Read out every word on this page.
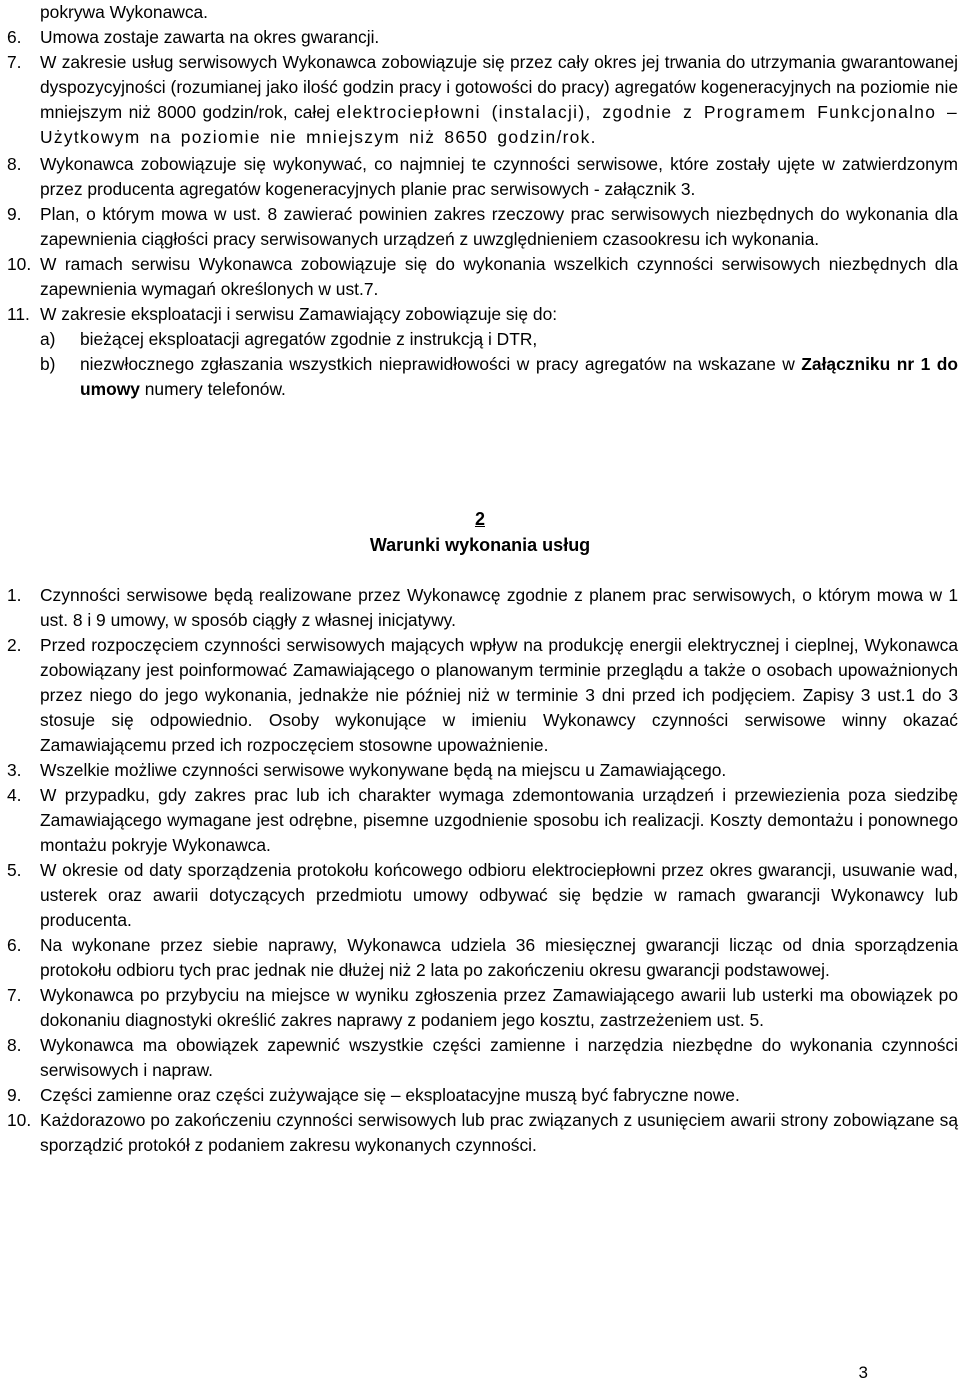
pokrywa Wykonawca.
6. Umowa zostaje zawarta na okres gwarancji.
7. W zakresie usług serwisowych Wykonawca zobowiązuje się przez cały okres jej trwania do utrzymania gwarantowanej dyspozycyjności (rozumianej jako ilość godzin pracy i gotowości do pracy) agregatów kogeneracyjnych na poziomie nie mniejszym niż 8000 godzin/rok, całej elektrociepłowni (instalacji), zgodnie z Programem Funkcjonalno – Użytkowym na poziomie nie mniejszym niż 8650 godzin/rok.
8. Wykonawca zobowiązuje się wykonywać, co najmniej te czynności serwisowe, które zostały ujęte w zatwierdzonym przez producenta agregatów kogeneracyjnych planie prac serwisowych - załącznik 3.
9. Plan, o którym mowa w ust. 8 zawierać powinien zakres rzeczowy prac serwisowych niezbędnych do wykonania dla zapewnienia ciągłości pracy serwisowanych urządzeń z uwzględnieniem czasookresu ich wykonania.
10. W ramach serwisu Wykonawca zobowiązuje się do wykonania wszelkich czynności serwisowych niezbędnych dla zapewnienia wymagań określonych w ust.7.
11. W zakresie eksploatacji i serwisu Zamawiający zobowiązuje się do:
a) bieżącej eksploatacji agregatów zgodnie z instrukcją i DTR,
b) niezwłocznego zgłaszania wszystkich nieprawidłowości w pracy agregatów na wskazane w Załączniku nr 1 do umowy numery telefonów.
2
Warunki wykonania usług
1. Czynności serwisowe będą realizowane przez Wykonawcę zgodnie z planem prac serwisowych, o którym mowa w 1 ust. 8 i 9 umowy, w sposób ciągły z własnej inicjatywy.
2. Przed rozpoczęciem czynności serwisowych mających wpływ na produkcję energii elektrycznej i cieplnej, Wykonawca zobowiązany jest poinformować Zamawiającego o planowanym terminie przeglądu a także o osobach upoważnionych przez niego do jego wykonania, jednakże nie później niż w terminie 3 dni przed ich podjęciem. Zapisy 3 ust.1 do 3 stosuje się odpowiednio. Osoby wykonujące w imieniu Wykonawcy czynności serwisowe winny okazać Zamawiającemu przed ich rozpoczęciem stosowne upoważnienie.
3. Wszelkie możliwe czynności serwisowe wykonywane będą na miejscu u Zamawiającego.
4. W przypadku, gdy zakres prac lub ich charakter wymaga zdemontowania urządzeń i przewiezienia poza siedzibę Zamawiającego wymagane jest odrębne, pisemne uzgodnienie sposobu ich realizacji. Koszty demontażu i ponownego montażu pokryje Wykonawca.
5. W okresie od daty sporządzenia protokołu końcowego odbioru elektrociepłowni przez okres gwarancji, usuwanie wad, usterek oraz awarii dotyczących przedmiotu umowy odbywać się będzie w ramach gwarancji Wykonawcy lub producenta.
6. Na wykonane przez siebie naprawy, Wykonawca udziela 36 miesięcznej gwarancji licząc od dnia sporządzenia protokołu odbioru tych prac jednak nie dłużej niż 2 lata po zakończeniu okresu gwarancji podstawowej.
7. Wykonawca po przybyciu na miejsce w wyniku zgłoszenia przez Zamawiającego awarii lub usterki ma obowiązek po dokonaniu diagnostyki określić zakres naprawy z podaniem jego kosztu, zastrzeżeniem ust. 5.
8. Wykonawca ma obowiązek zapewnić wszystkie części zamienne i narzędzia niezbędne do wykonania czynności serwisowych i napraw.
9. Części zamienne oraz części zużywające się – eksploatacyjne muszą być fabryczne nowe.
10. Każdorazowo po zakończeniu czynności serwisowych lub prac związanych z usunięciem awarii strony zobowiązane są sporządzić protokół z podaniem zakresu wykonanych czynności.
3
